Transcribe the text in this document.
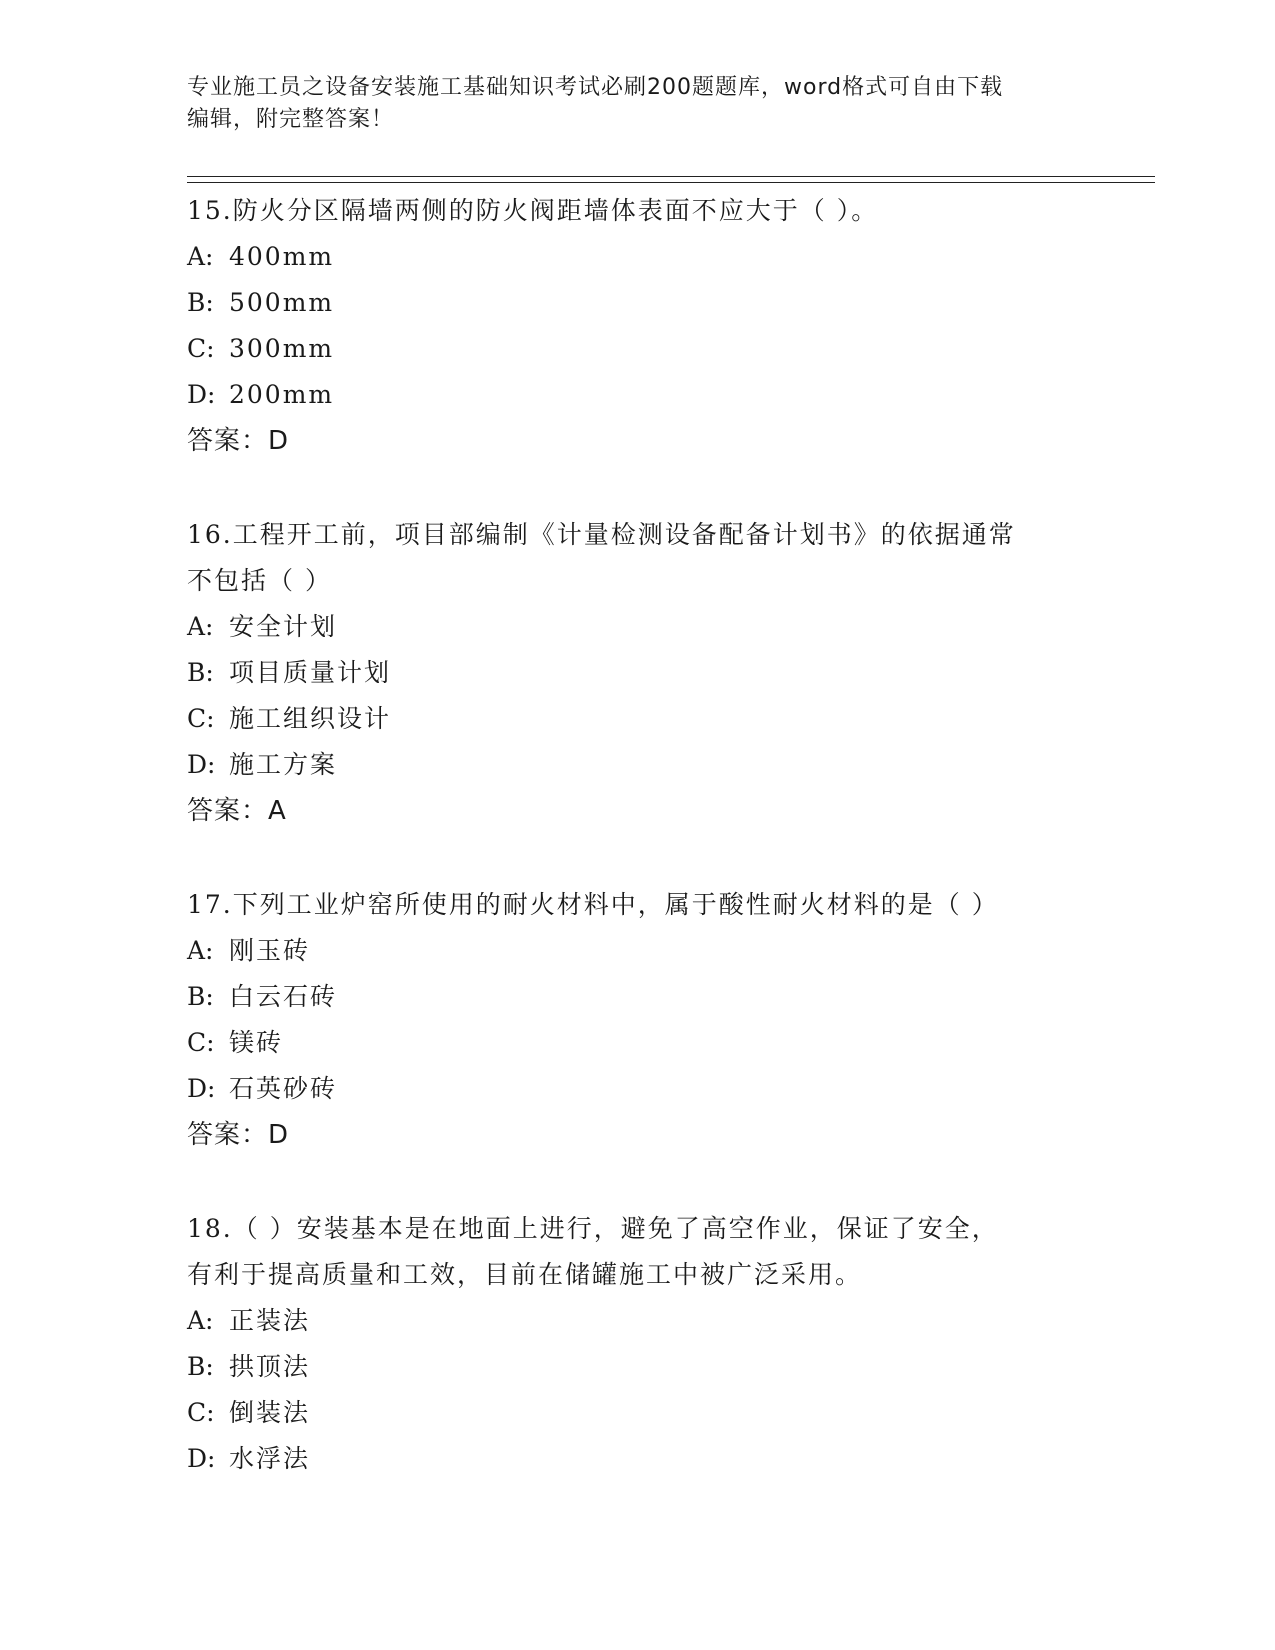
专业施工员之设备安装施工基础知识考试必刷200题题库，word格式可自由下载
编辑，附完整答案！
15.防火分区隔墙两侧的防火阀距墙体表面不应大于（ ）。
A: 400mm
B: 500mm
C: 300mm
D: 200mm
答案：D
16.工程开工前，项目部编制《计量检测设备配备计划书》的依据通常
不包括（ ）
A: 安全计划
B: 项目质量计划
C: 施工组织设计
D: 施工方案
答案：A
17.下列工业炉窑所使用的耐火材料中，属于酸性耐火材料的是（ ）
A: 刚玉砖
B: 白云石砖
C: 镁砖
D: 石英砂砖
答案：D
18.（ ）安装基本是在地面上进行，避免了高空作业，保证了安全，
有利于提高质量和工效，目前在储罐施工中被广泛采用。
A: 正装法
B: 拱顶法
C: 倒装法
D: 水浮法
